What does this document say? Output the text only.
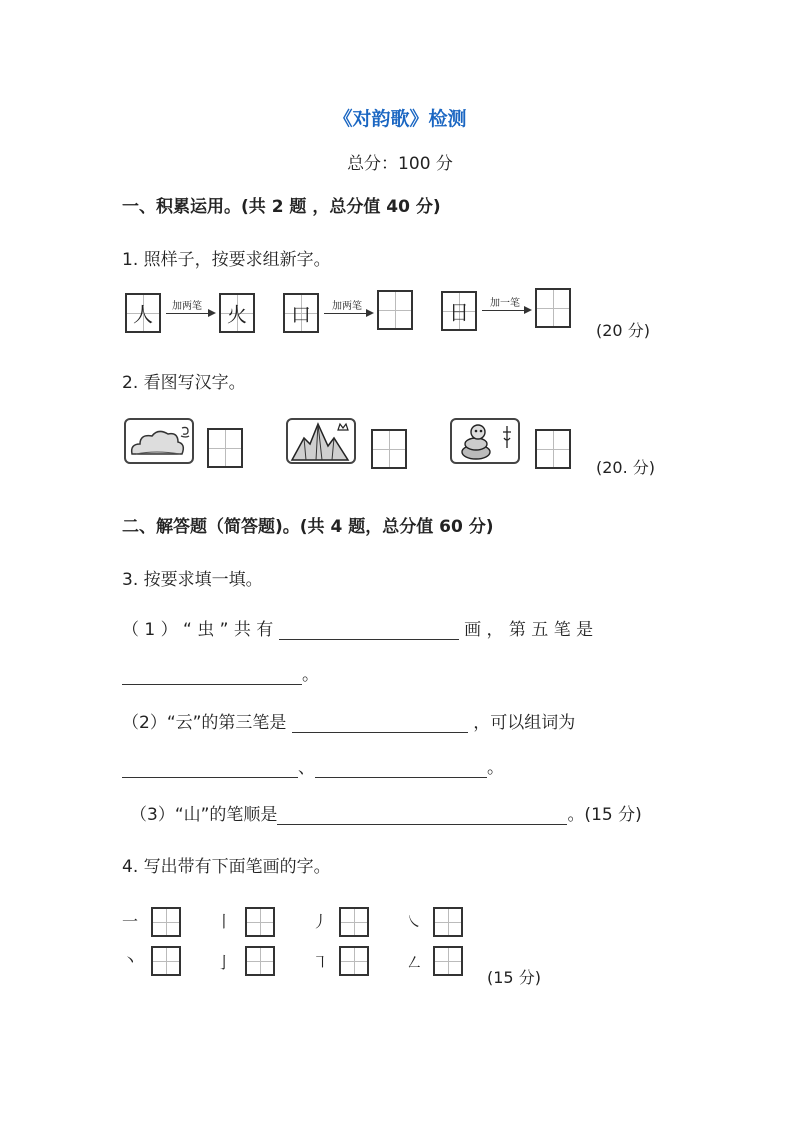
《对韵歌》检测
总分：100 分
一、积累运用。(共 2 题 ，总分值 40 分)
1. 照样子，按要求组新字。
人	加两笔	火	口	加两笔	日	加一笔
(20 分)
2. 看图写汉字。
(20. 分)
二、解答题（简答题)。(共 4 题，总分值 60 分)
3. 按要求填一填。
（ 1 ） “ 虫 ” 共 有	画 ， 第 五 笔 是
。
（2）“云”的第三笔是	，可以组词为
、	。
（3）“山”的笔顺是	。(15 分)
4. 写出带有下面笔画的字。
一	丨	丿	㇏
丶	亅	㇕	㇜
(15 分)
